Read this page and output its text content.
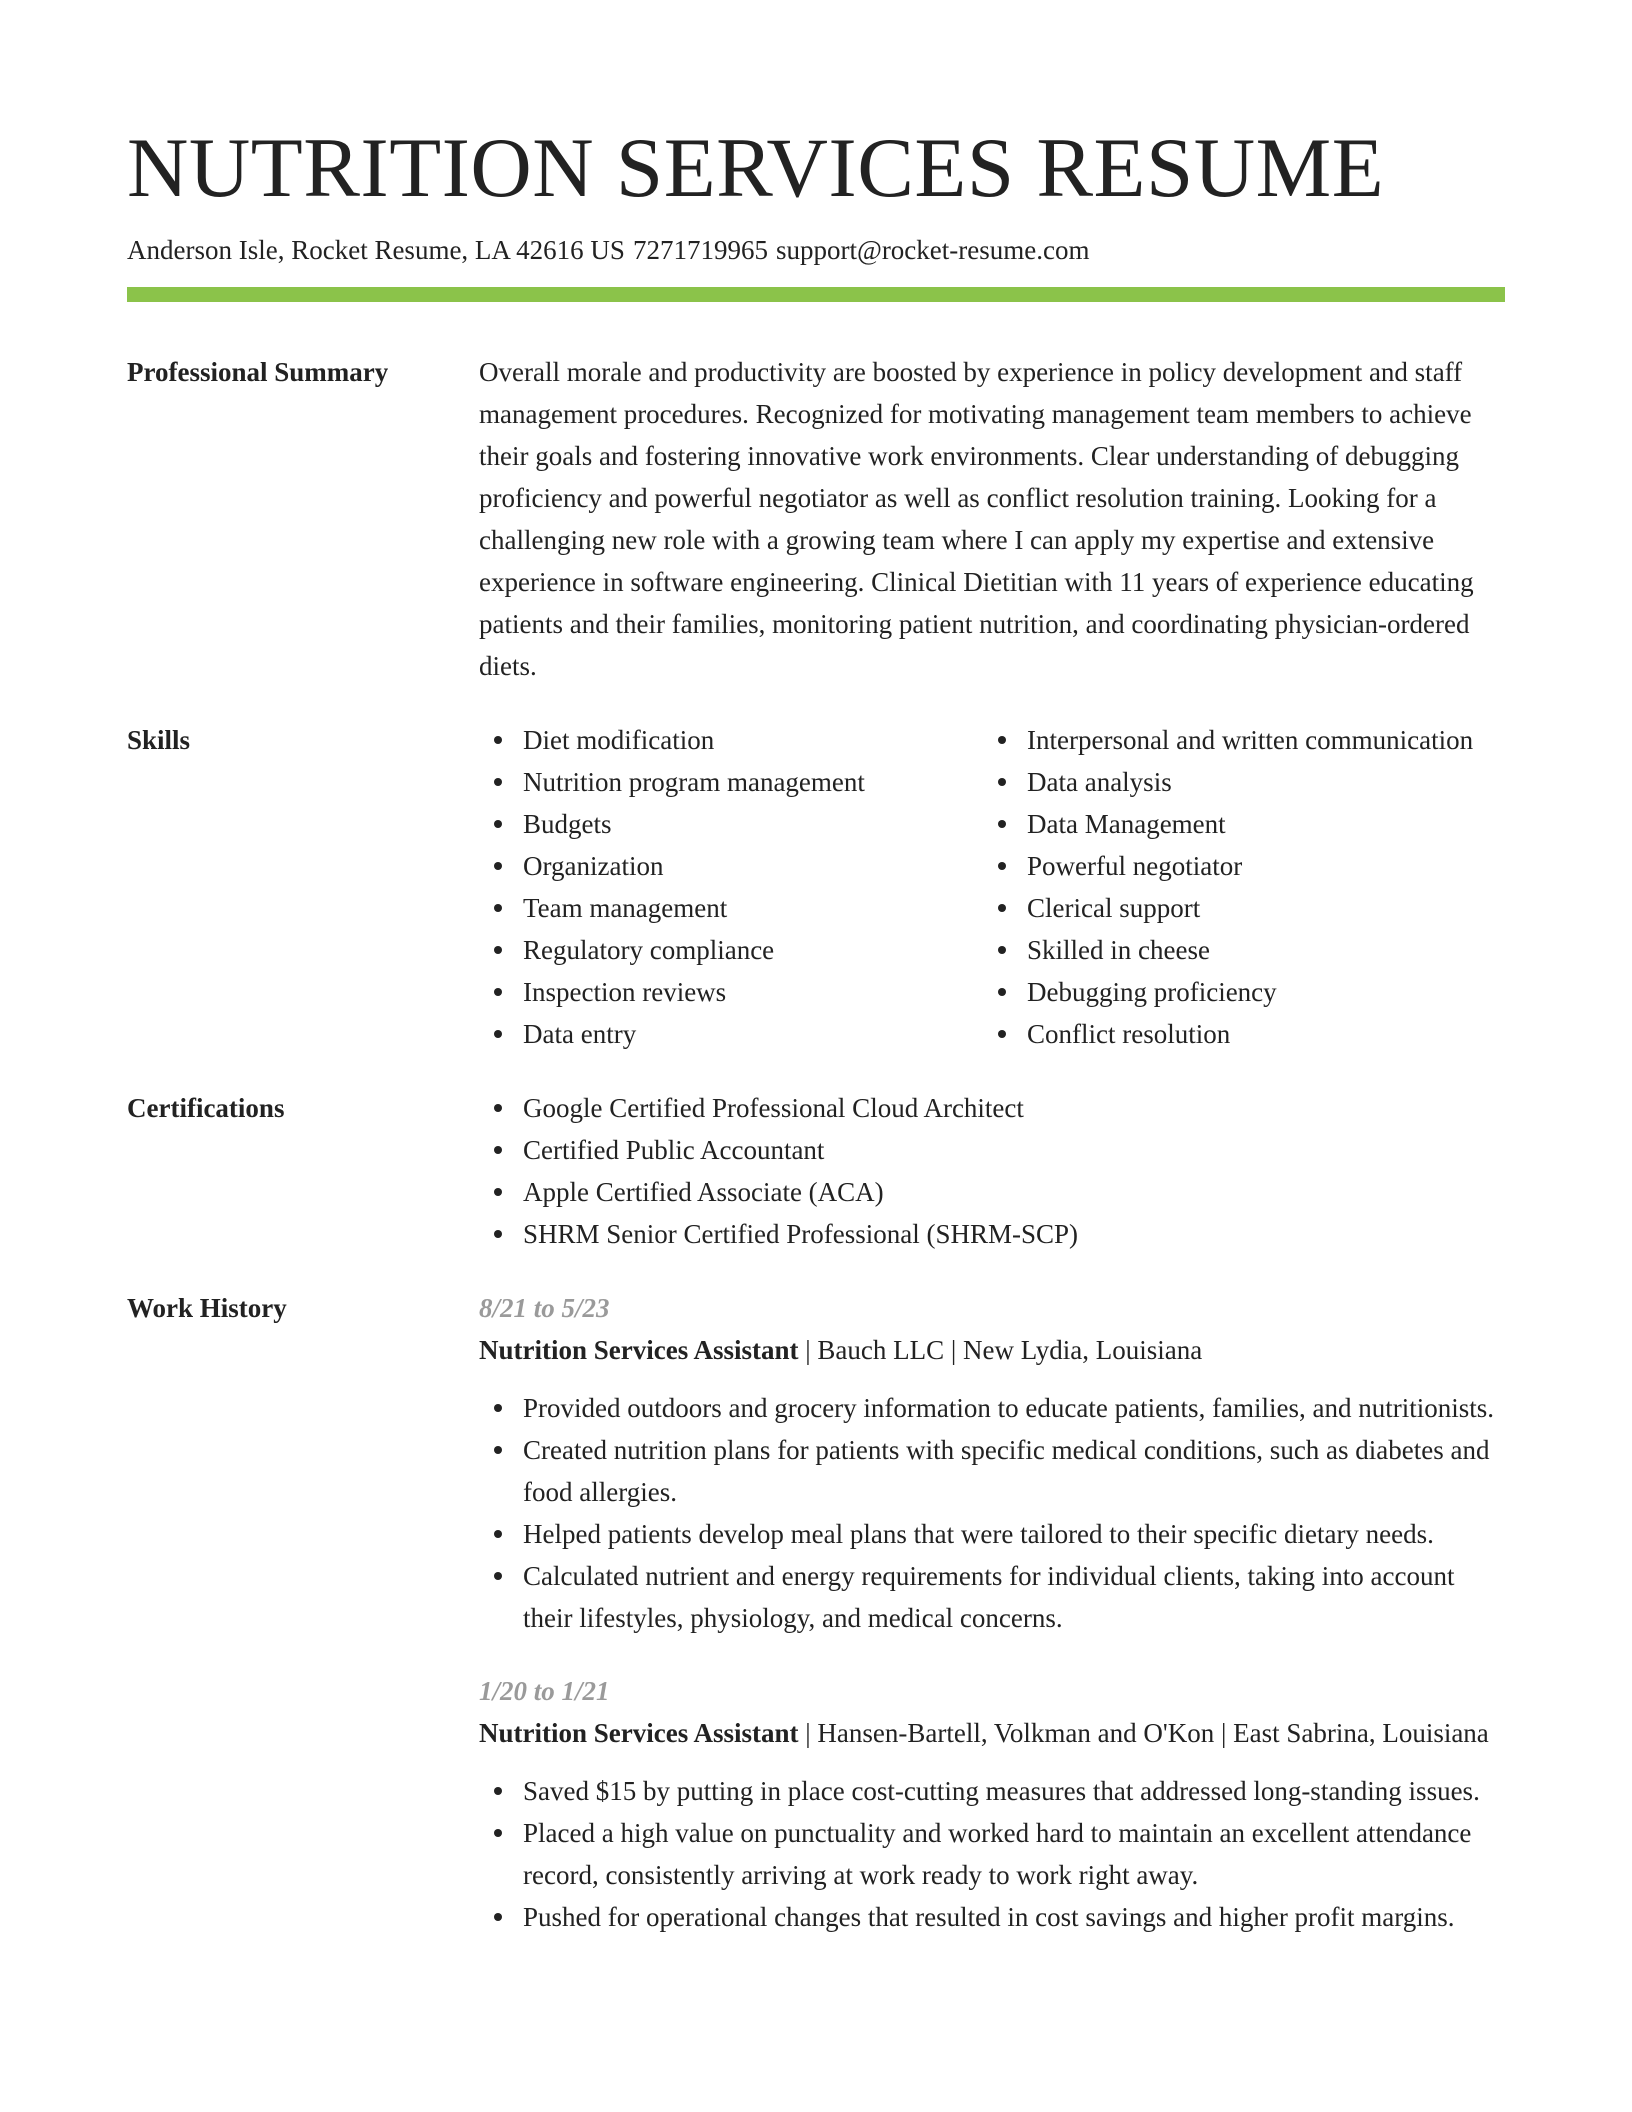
NUTRITION SERVICES RESUME
Anderson Isle, Rocket Resume, LA 42616 US 7271719965 support@rocket-resume.com
Professional Summary	Overall morale and productivity are boosted by experience in policy development and staff management procedures. Recognized for motivating management team members to achieve their goals and fostering innovative work environments. Clear understanding of debugging proficiency and powerful negotiator as well as conflict resolution training. Looking for a challenging new role with a growing team where I can apply my expertise and extensive experience in software engineering. Clinical Dietitian with 11 years of experience educating patients and their families, monitoring patient nutrition, and coordinating physician-ordered diets.

Skills	Diet modification
Nutrition program management
Budgets
Organization
Team management
Regulatory compliance
Inspection reviews
Data entry
Interpersonal and written communication
Data analysis
Data Management
Powerful negotiator
Clerical support
Skilled in cheese
Debugging proficiency
Conflict resolution
Certifications	Google Certified Professional Cloud Architect
Certified Public Accountant
Apple Certified Associate (ACA)
SHRM Senior Certified Professional (SHRM-SCP)
Work History	8/21 to 5/23

Nutrition Services Assistant | Bauch LLC | New Lydia, Louisiana

Provided outdoors and grocery information to educate patients, families, and nutritionists.
Created nutrition plans for patients with specific medical conditions, such as diabetes and food allergies.
Helped patients develop meal plans that were tailored to their specific dietary needs.
Calculated nutrient and energy requirements for individual clients, taking into account their lifestyles, physiology, and medical concerns.
1/20 to 1/21

Nutrition Services Assistant | Hansen-Bartell, Volkman and O'Kon | East Sabrina, Louisiana

Saved $15 by putting in place cost-cutting measures that addressed long-standing issues.
Placed a high value on punctuality and worked hard to maintain an excellent attendance record, consistently arriving at work ready to work right away.
Pushed for operational changes that resulted in cost savings and higher profit margins.
